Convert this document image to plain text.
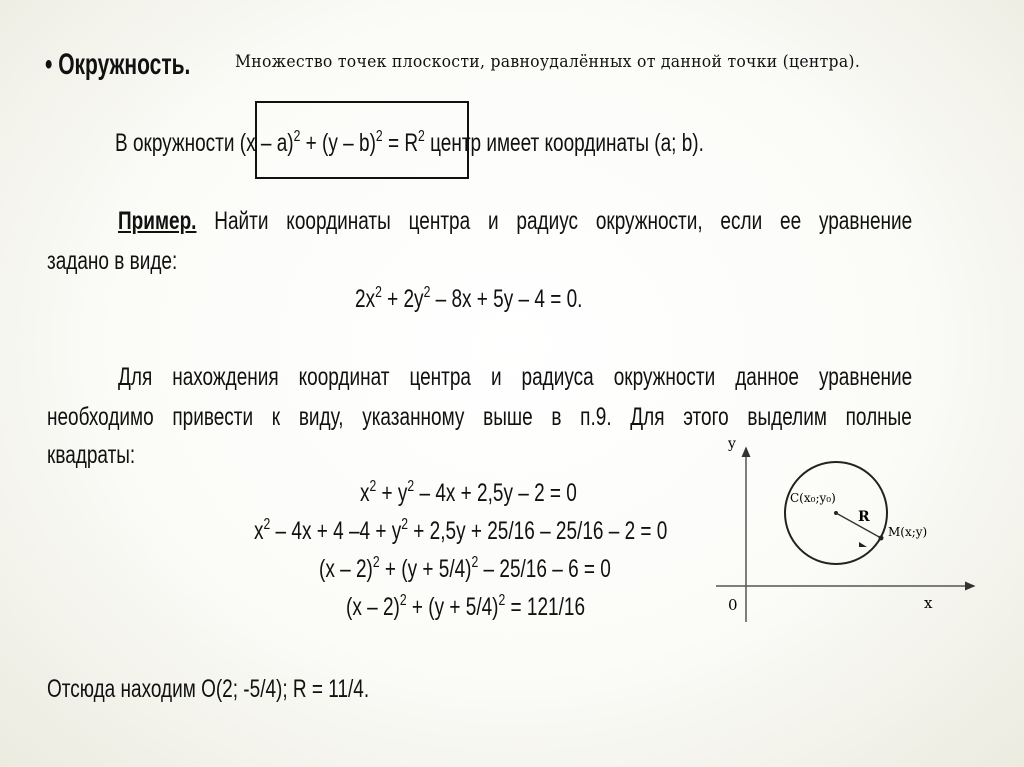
• Окружность.	Множество точек плоскости, равноудалённых от данной точки (центра).
В окружности $(x - a)^2 + (y - b)^2 = R^2$ центр имеет координаты (a; b).
Пример. Найти координаты центра и радиус окружности, если ее уравнение
задано в виде:
$2x^2 + 2y^2 - 8x + 5y - 4 = 0$.
Для нахождения координат центра и радиуса окружности данное уравнение
необходимо привести к виду, указанному выше в п.9. Для этого выделим полные
квадраты:
$x^2 + y^2 - 4x + 2,5y - 2 = 0$
$x^2 - 4x + 4$ $-4 + y^2 + 2,5y + 25/16 - 25/16 - 2 = 0$
$(x - 2)^2 + (y + 5/4)^2 - 25/16 - 6 = 0$
$(x - 2)^2 + (y + 5/4)^2 = 121/16$
Отсюда находим O(2; -5/4); R = 11/4.
y
x
0
C(x₀;y₀)
R
M(x;y)
